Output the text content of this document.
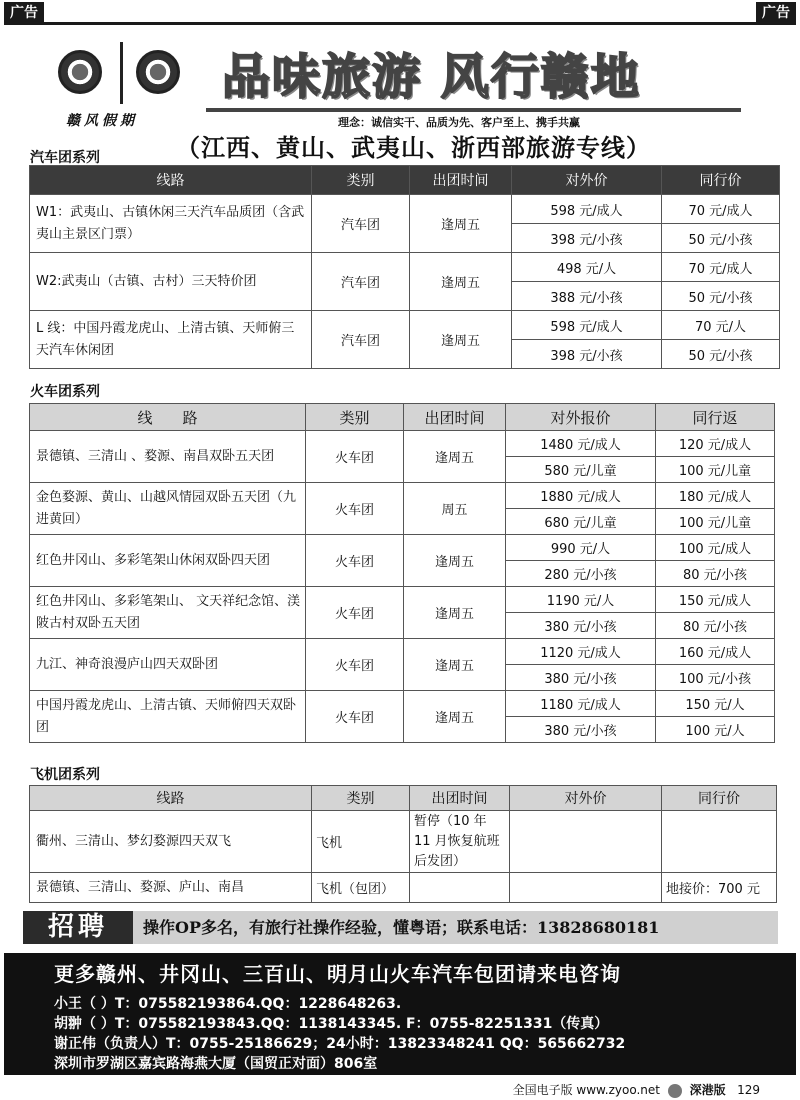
广告	广告
赣风假期
品味旅游 风行赣地
理念：诚信实干、品质为先、客户至上、携手共赢
（江西、黄山、武夷山、浙西部旅游专线）
汽车团系列
线路	类别	出团时间	对外价	同行价
W1：武夷山、古镇休闲三天汽车品质团（含武夷山主景区门票）	汽车团	逢周五	598 元/成人	70 元/成人
			398 元/小孩	50 元/小孩
W2:武夷山（古镇、古村）三天特价团	汽车团	逢周五	498 元/人	70 元/成人
			388 元/小孩	50 元/小孩
L 线：中国丹霞龙虎山、上清古镇、天师俯三天汽车休闲团	汽车团	逢周五	598 元/成人	70 元/人
			398 元/小孩	50 元/小孩
火车团系列
线　　路	类别	出团时间	对外报价	同行返
景德镇、三清山 、婺源、南昌双卧五天团	火车团	逢周五	1480 元/成人	120 元/成人
			580 元/儿童	100 元/儿童
金色婺源、黄山、山越风情园双卧五天团（九进黄回）	火车团	周五	1880 元/成人	180 元/成人
			680 元/儿童	100 元/儿童
红色井冈山、多彩笔架山休闲双卧四天团	火车团	逢周五	990 元/人	100 元/成人
			280 元/小孩	80 元/小孩
红色井冈山、多彩笔架山、 文天祥纪念馆、渼陂古村双卧五天团	火车团	逢周五	1190 元/人	150 元/成人
			380 元/小孩	80 元/小孩
九江、神奇浪漫庐山四天双卧团	火车团	逢周五	1120 元/成人	160 元/成人
			380 元/小孩	100 元/小孩
中国丹霞龙虎山、上清古镇、天师俯四天双卧团	火车团	逢周五	1180 元/成人	150 元/人
			380 元/小孩	100 元/人
飞机团系列
线路	类别	出团时间	对外价	同行价
衢州、三清山、梦幻婺源四天双飞	飞机	暂停（10 年 11 月恢复航班后发团）		
景德镇、三清山、婺源、庐山、南昌	飞机（包团）			地接价：700 元
招聘	操作OP多名，有旅行社操作经验，懂粤语；联系电话：13828680181
更多赣州、井冈山、三百山、明月山火车汽车包团请来电咨询
小王（ ）T：075582193864.QQ：1228648263.
胡翀（ ）T：075582193843.QQ：1138143345. F：0755-82251331（传真）
谢正伟（负责人）T：0755-25186629；24小时：13823348241 QQ：565662732
深圳市罗湖区嘉宾路海燕大厦（国贸正对面）806室
全国电子版 www.zyoo.net 深港版 129
